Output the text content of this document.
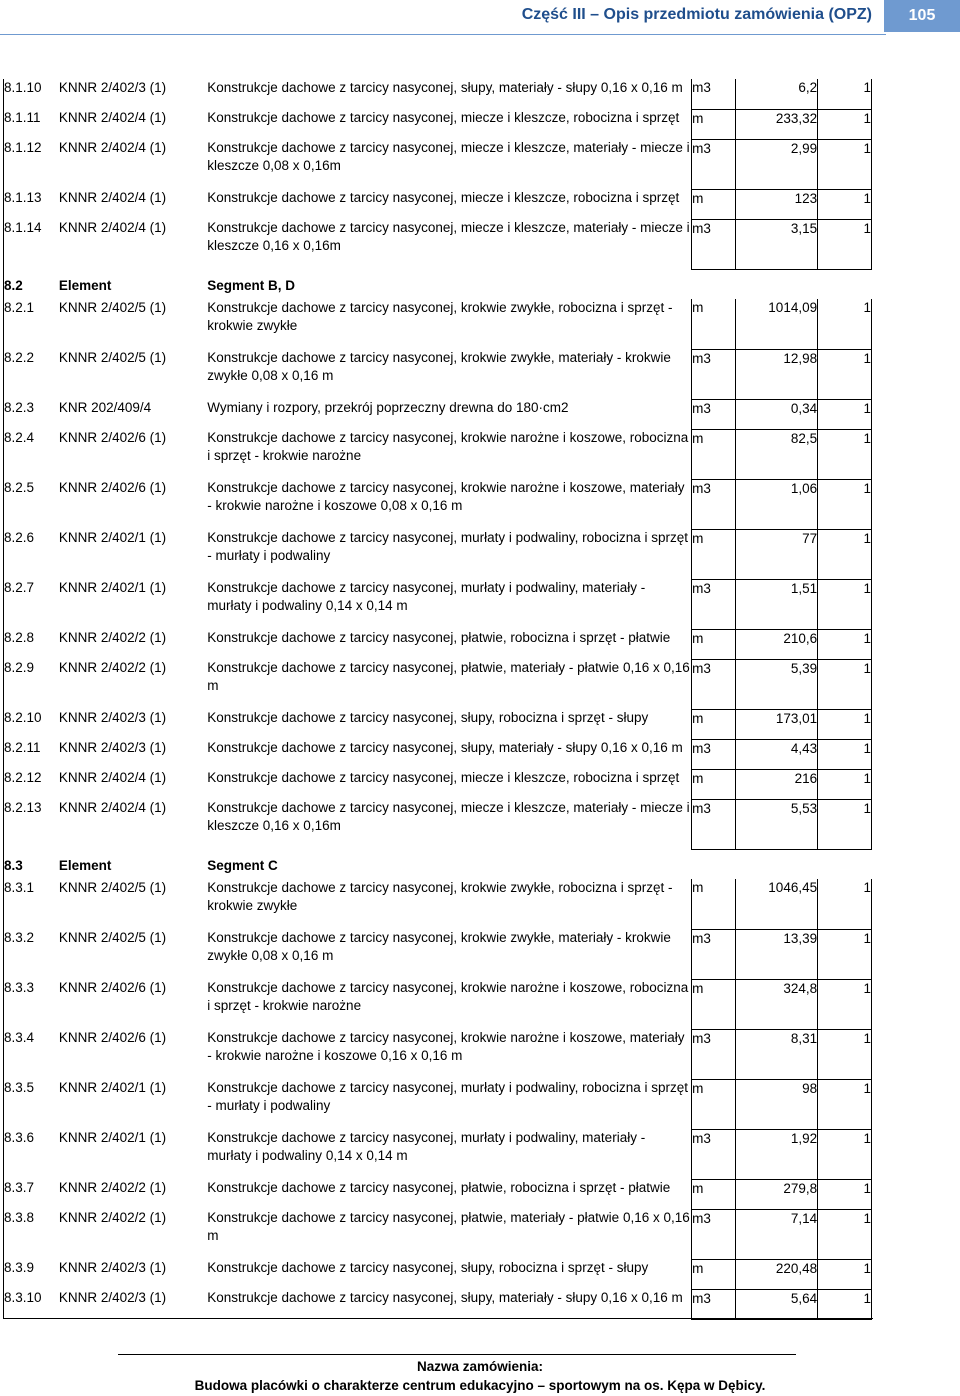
Część III – Opis przedmiotu zamówienia (OPZ)	105
8.1.10	KNNR 2/402/3 (1)	Konstrukcje dachowe z tarcicy nasyconej, słupy, materiały - słupy 0,16 x 0,16 m	m3	6,2	1
8.1.11	KNNR 2/402/4 (1)	Konstrukcje dachowe z tarcicy nasyconej, miecze i kleszcze, robocizna i sprzęt	m	233,32	1
8.1.12	KNNR 2/402/4 (1)	Konstrukcje dachowe z tarcicy nasyconej, miecze i kleszcze, materiały - miecze i kleszcze 0,08 x 0,16m	m3	2,99	1
8.1.13	KNNR 2/402/4 (1)	Konstrukcje dachowe z tarcicy nasyconej, miecze i kleszcze, robocizna i sprzęt	m	123	1
8.1.14	KNNR 2/402/4 (1)	Konstrukcje dachowe z tarcicy nasyconej, miecze i kleszcze, materiały - miecze i kleszcze 0,16 x 0,16m	m3	3,15	1
8.2	Element	Segment B, D			
8.2.1	KNNR 2/402/5 (1)	Konstrukcje dachowe z tarcicy nasyconej, krokwie zwykłe, robocizna i sprzęt - krokwie zwykłe	m	1014,09	1
8.2.2	KNNR 2/402/5 (1)	Konstrukcje dachowe z tarcicy nasyconej, krokwie zwykłe, materiały - krokwie zwykłe 0,08 x 0,16 m	m3	12,98	1
8.2.3	KNR 202/409/4	Wymiany i rozpory, przekrój poprzeczny drewna do 180·cm2	m3	0,34	1
8.2.4	KNNR 2/402/6 (1)	Konstrukcje dachowe z tarcicy nasyconej, krokwie narożne i koszowe, robocizna i sprzęt - krokwie narożne	m	82,5	1
8.2.5	KNNR 2/402/6 (1)	Konstrukcje dachowe z tarcicy nasyconej, krokwie narożne i koszowe, materiały - krokwie narożne i koszowe 0,08 x 0,16 m	m3	1,06	1
8.2.6	KNNR 2/402/1 (1)	Konstrukcje dachowe z tarcicy nasyconej, murłaty i podwaliny, robocizna i sprzęt - murłaty i podwaliny	m	77	1
8.2.7	KNNR 2/402/1 (1)	Konstrukcje dachowe z tarcicy nasyconej, murłaty i podwaliny, materiały - murłaty i podwaliny 0,14 x 0,14 m	m3	1,51	1
8.2.8	KNNR 2/402/2 (1)	Konstrukcje dachowe z tarcicy nasyconej, płatwie, robocizna i sprzęt - płatwie	m	210,6	1
8.2.9	KNNR 2/402/2 (1)	Konstrukcje dachowe z tarcicy nasyconej, płatwie, materiały - płatwie 0,16 x 0,16 m	m3	5,39	1
8.2.10	KNNR 2/402/3 (1)	Konstrukcje dachowe z tarcicy nasyconej, słupy, robocizna i sprzęt - słupy	m	173,01	1
8.2.11	KNNR 2/402/3 (1)	Konstrukcje dachowe z tarcicy nasyconej, słupy, materiały - słupy 0,16 x 0,16 m	m3	4,43	1
8.2.12	KNNR 2/402/4 (1)	Konstrukcje dachowe z tarcicy nasyconej, miecze i kleszcze, robocizna i sprzęt	m	216	1
8.2.13	KNNR 2/402/4 (1)	Konstrukcje dachowe z tarcicy nasyconej, miecze i kleszcze, materiały - miecze i kleszcze 0,16 x 0,16m	m3	5,53	1
8.3	Element	Segment C			
8.3.1	KNNR 2/402/5 (1)	Konstrukcje dachowe z tarcicy nasyconej, krokwie zwykłe, robocizna i sprzęt - krokwie zwykłe	m	1046,45	1
8.3.2	KNNR 2/402/5 (1)	Konstrukcje dachowe z tarcicy nasyconej, krokwie zwykłe, materiały - krokwie zwykłe 0,08 x 0,16 m	m3	13,39	1
8.3.3	KNNR 2/402/6 (1)	Konstrukcje dachowe z tarcicy nasyconej, krokwie narożne i koszowe, robocizna i sprzęt - krokwie narożne	m	324,8	1
8.3.4	KNNR 2/402/6 (1)	Konstrukcje dachowe z tarcicy nasyconej, krokwie narożne i koszowe, materiały - krokwie narożne i koszowe 0,16 x 0,16 m	m3	8,31	1
8.3.5	KNNR 2/402/1 (1)	Konstrukcje dachowe z tarcicy nasyconej, murłaty i podwaliny, robocizna i sprzęt - murłaty i podwaliny	m	98	1
8.3.6	KNNR 2/402/1 (1)	Konstrukcje dachowe z tarcicy nasyconej, murłaty i podwaliny, materiały - murłaty i podwaliny 0,14 x 0,14 m	m3	1,92	1
8.3.7	KNNR 2/402/2 (1)	Konstrukcje dachowe z tarcicy nasyconej, płatwie, robocizna i sprzęt - płatwie	m	279,8	1
8.3.8	KNNR 2/402/2 (1)	Konstrukcje dachowe z tarcicy nasyconej, płatwie, materiały - płatwie 0,16 x 0,16 m	m3	7,14	1
8.3.9	KNNR 2/402/3 (1)	Konstrukcje dachowe z tarcicy nasyconej, słupy, robocizna i sprzęt - słupy	m	220,48	1
8.3.10	KNNR 2/402/3 (1)	Konstrukcje dachowe z tarcicy nasyconej, słupy, materiały - słupy 0,16 x 0,16 m	m3	5,64	1
Nazwa zamówienia:
Budowa placówki o charakterze centrum edukacyjno – sportowym na os. Kępa w Dębicy.
